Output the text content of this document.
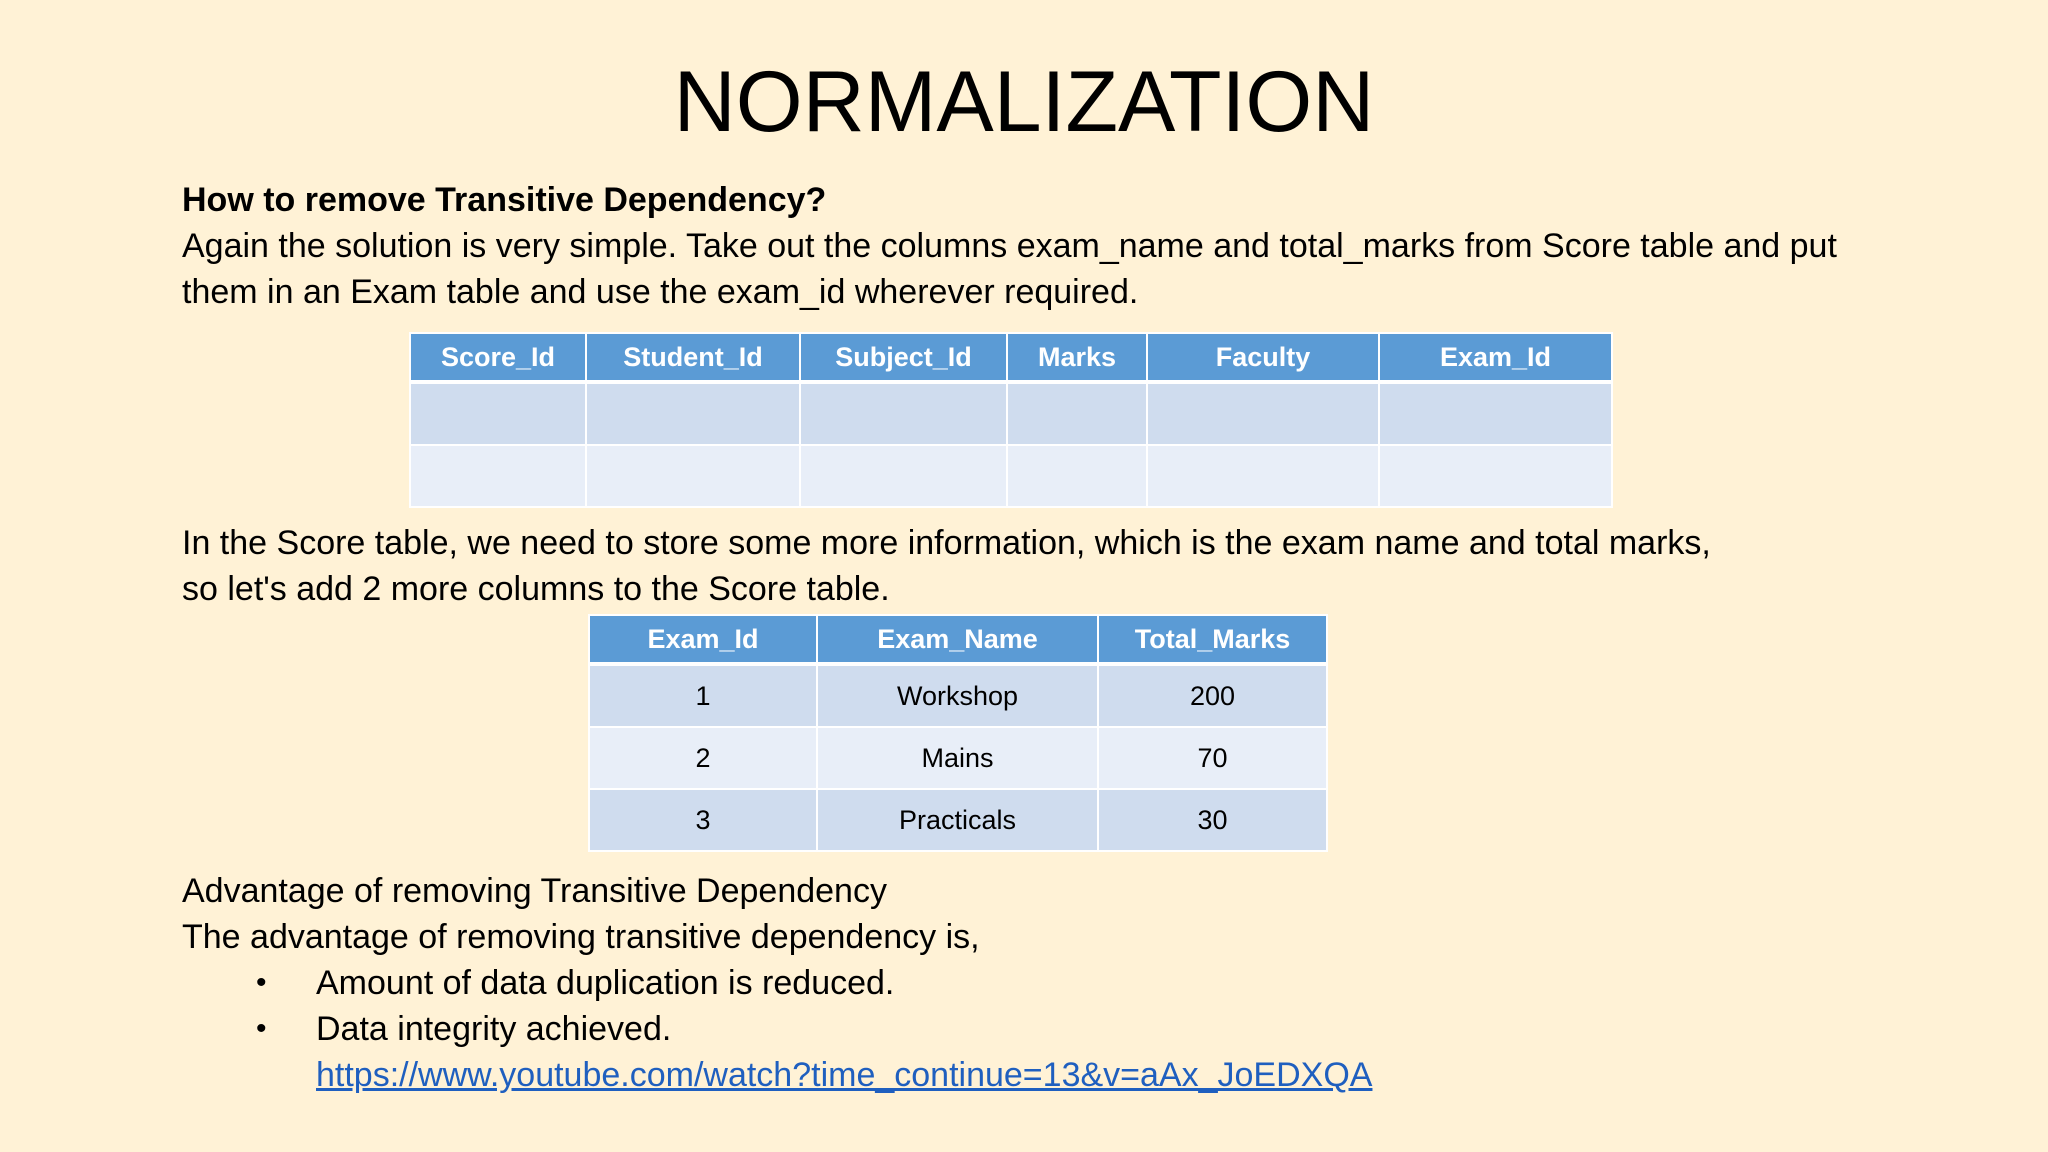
NORMALIZATION
How to remove Transitive Dependency?
Again the solution is very simple. Take out the columns exam_name and total_marks from Score table and put
them in an Exam table and use the exam_id wherever required.
Score_Id	Student_Id	Subject_Id	Marks	Faculty	Exam_Id

In the Score table, we need to store some more information, which is the exam name and total marks,
so let's add 2 more columns to the Score table.
Exam_Id	Exam_Name	Total_Marks
1	Workshop	200
2	Mains	70
3	Practicals	30
Advantage of removing Transitive Dependency
The advantage of removing transitive dependency is,
• Amount of data duplication is reduced.
• Data integrity achieved.
https://www.youtube.com/watch?time_continue=13&v=aAx_JoEDXQA
